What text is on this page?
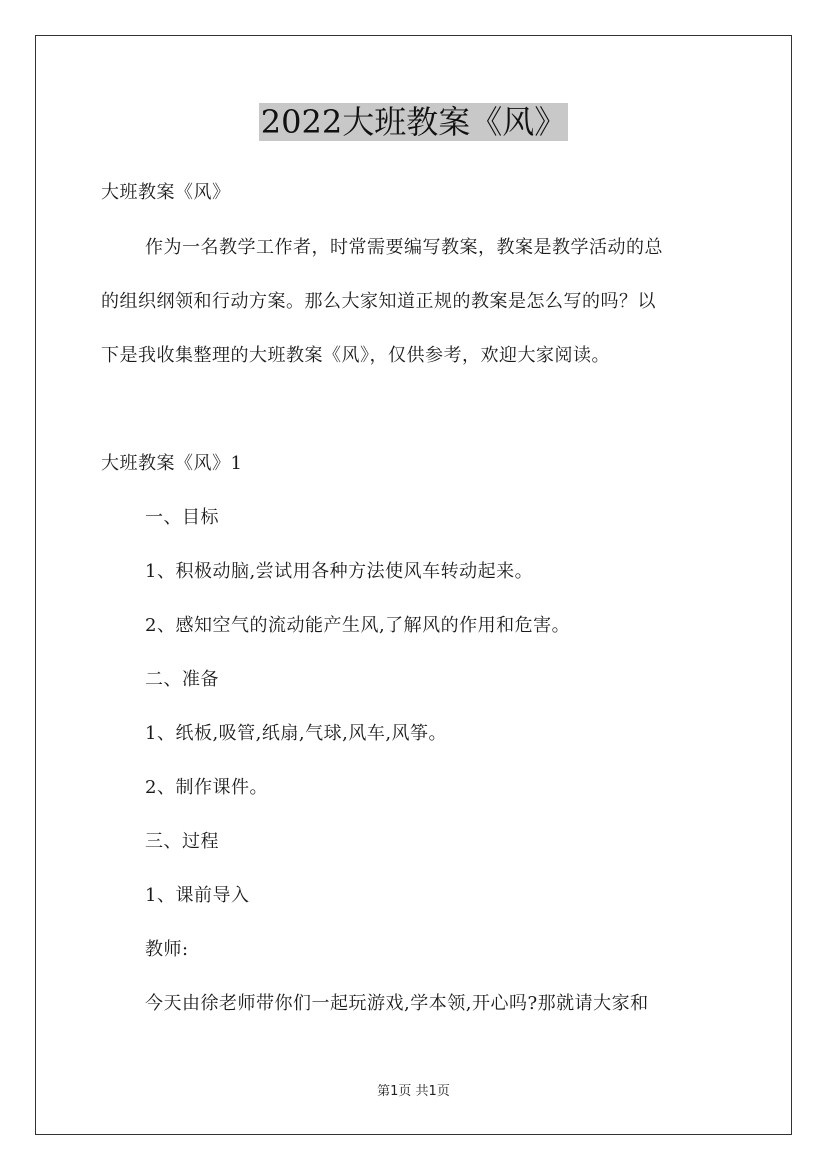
2022大班教案《风》
大班教案《风》
作为一名教学工作者，时常需要编写教案，教案是教学活动的总
的组织纲领和行动方案。那么大家知道正规的教案是怎么写的吗？以
下是我收集整理的大班教案《风》，仅供参考，欢迎大家阅读。
大班教案《风》1
一、目标
1、积极动脑,尝试用各种方法使风车转动起来。
2、感知空气的流动能产生风,了解风的作用和危害。
二、准备
1、纸板,吸管,纸扇,气球,风车,风筝。
2、制作课件。
三、过程
1、课前导入
教师:
今天由徐老师带你们一起玩游戏,学本领,开心吗?那就请大家和
第1页 共1页
